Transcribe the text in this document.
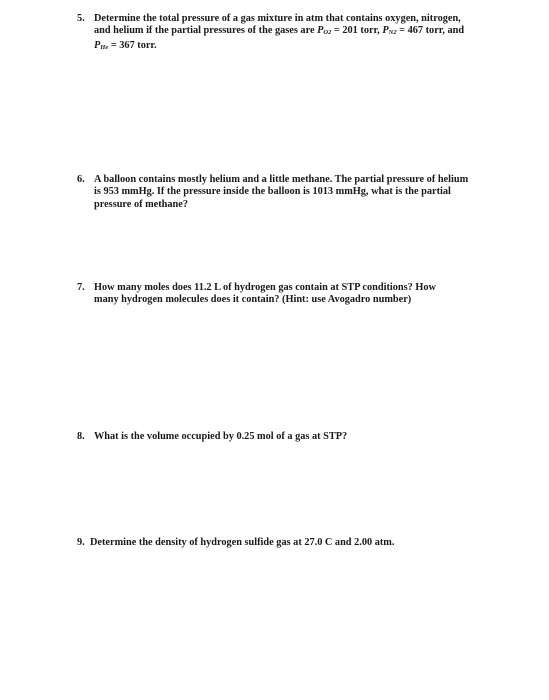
5. Determine the total pressure of a gas mixture in atm that contains oxygen, nitrogen,
and helium if the partial pressures of the gases are PO2 = 201 torr, PN2 = 467 torr, and
PHe = 367 torr.
6. A balloon contains mostly helium and a little methane. The partial pressure of helium
is 953 mmHg. If the pressure inside the balloon is 1013 mmHg, what is the partial
pressure of methane?
7. How many moles does 11.2 L of hydrogen gas contain at STP conditions? How
many hydrogen molecules does it contain? (Hint: use Avogadro number)
8. What is the volume occupied by 0.25 mol of a gas at STP?
9. Determine the density of hydrogen sulfide gas at 27.0 C and 2.00 atm.
